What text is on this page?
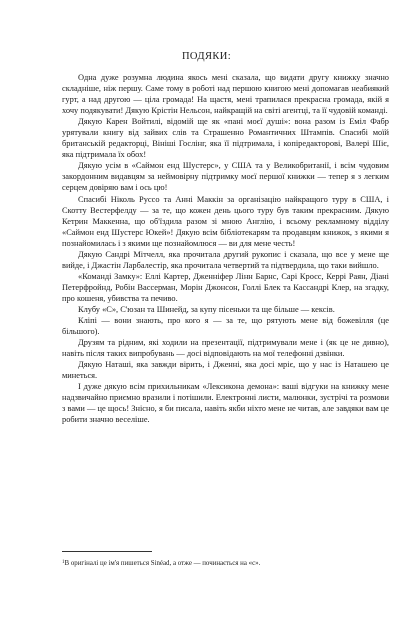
ПОДЯКИ:

Одна дуже розумна людина якось мені сказала, що видати другу книжку значно складніше, ніж першу. Саме тому в роботі над першою книгою мені допомагав неабиякий гурт, а над другою — ціла громада! На щастя, мені трапилася прекрасна громада, якій я хочу подякувати! Дякую Крістін Нельсон, найкращій на світі агентці, та її чудовій команді.

Дякую Карен Войтилі, відомій ще як «пані моєї душі»: вона разом із Еміл Фабр урятували книгу від зайвих слів та Страшенно Романтичних Штампів. Спасибі моїй британській редакторці, Вініші Гослінг, яка її підтримала, і копіредакторові, Валері Шіє, яка підтримала їх обох!

Дякую усім в «Саймон енд Шустерс», у США та у Великобританії, і всім чудовим закордонним видавцям за неймовірну підтримку моєї першої книжки — тепер я з легким серцем довіряю вам і ось цю!

Спасибі Ніколь Руссо та Анні Маккін за організацію найкращого туру в США, і Скотту Вестерфелду — за те, що кожен день цього туру був таким прекрасним. Дякую Кетрин Маккенна, що об'їздила разом зі мною Англію, і всьому рекламному відділу «Саймон енд Шустерс Юкей»! Дякую всім бібліотекарям та продавцям книжок, з якими я познайомилась і з якими ще познайомлюся — ви для мене честь!

Дякую Сандрі Мітчелл, яка прочитала другий рукопис і сказала, що все у мене ще вийде, і Джастін Ларбалестір, яка прочитала четвертий та підтвердила, що таки вийшло.

«Команді Замку»: Еллі Картер, Дженніфер Лінн Барнс, Сарі Кросс, Керрі Раян, Діані Петерфройнд, Робін Вассерман, Морін Джонсон, Голлі Блек та Кассандрі Клер, на згадку, про кошеня, убивства та печиво.

Клубу «С», С'юзан та Шинейд, за купу пісеньки та ще більше — кексів.

Кліпі — вони знають, про кого я — за те, що рятують мене від божевілля (це більшого).

Друзям та рідним, які ходили на презентації, підтримували мене і (як це не дивно), навіть після таких випробувань — досі відповідають на мої телефонні дзвінки.

Дякую Наташі, яка завжди вірить, і Дженні, яка досі мріє, що у нас із Наташею це минеться.

І дуже дякую всім прихильникам «Лексикона демона»: ваші відгуки на книжку мене надзвичайно приємно вразили і потішили. Електронні листи, малюнки, зустрічі та розмови з вами — це щось! Знісно, я би писала, навіть якби ніхто мене не читав, але завдяки вам це робити значно веселіше.

$^1$В оригіналі це ім'я пишеться Sinéad, а отже — починається на «с».
